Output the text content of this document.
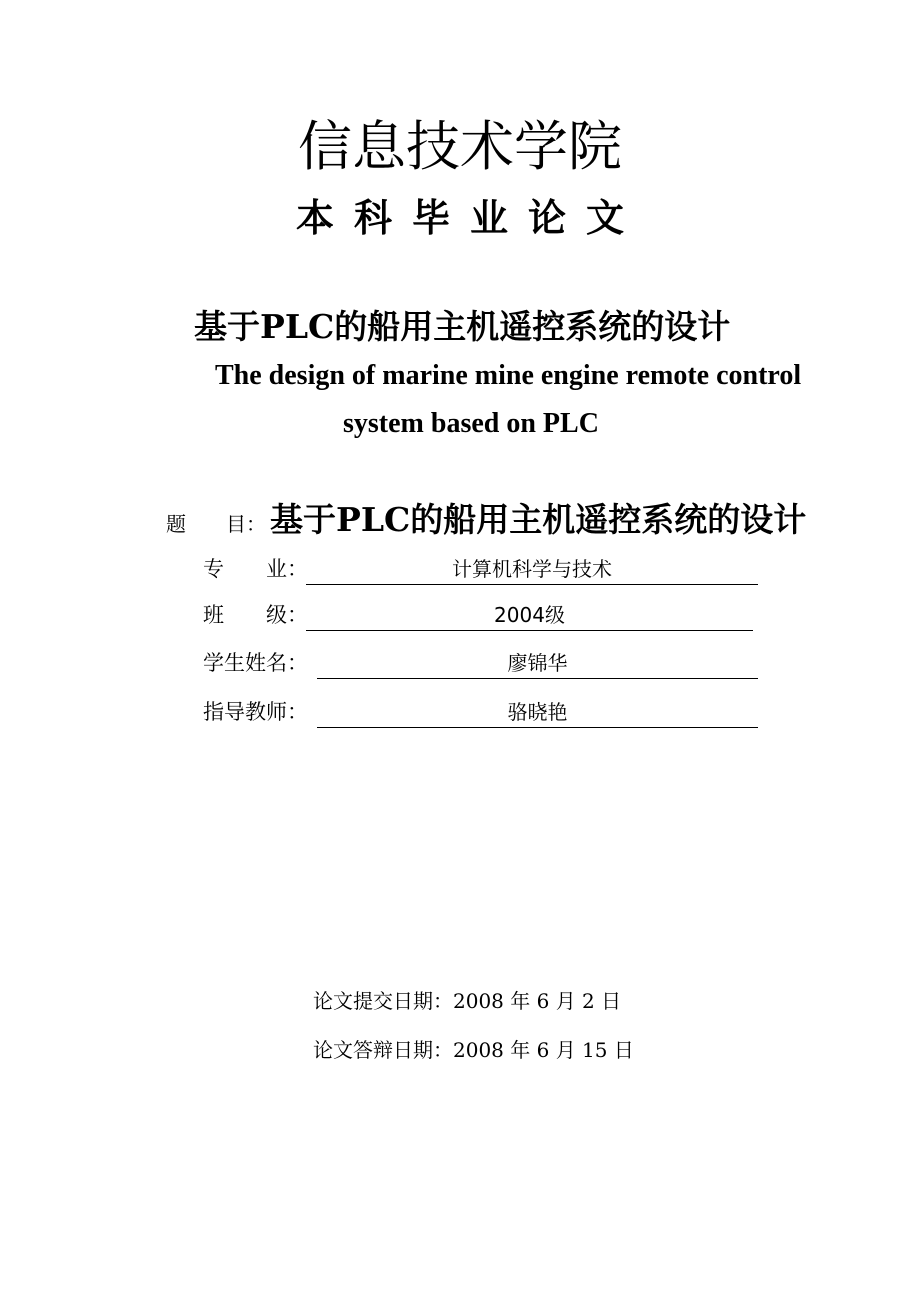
信息技术学院
本科毕业论文
基于PLC的船用主机遥控系统的设计
The design of marine mine engine remote control
system based on PLC
题　　目： 基于PLC的船用主机遥控系统的设计
专　　业：	计算机科学与技术
班　　级：	2004级
学生姓名：	廖锦华
指导教师：	骆晓艳
论文提交日期：2008 年 6 月 2 日
论文答辩日期：2008 年 6 月 15 日
